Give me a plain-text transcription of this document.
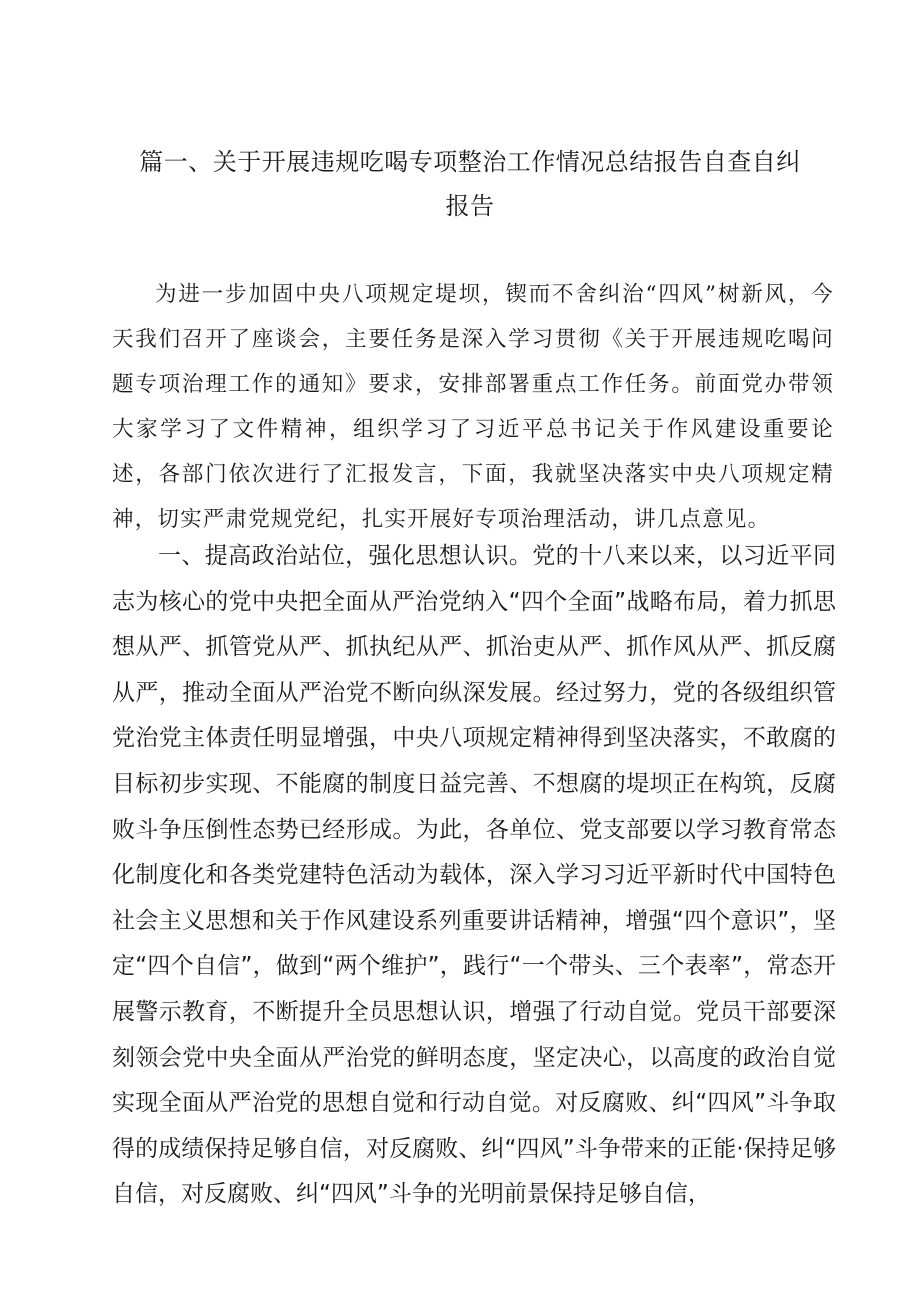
篇一、关于开展违规吃喝专项整治工作情况总结报告自查自纠
报告

为进一步加固中央八项规定堤坝，锲而不舍纠治“四风”树新风，今天我们召开了座谈会，主要任务是深入学习贯彻《关于开展违规吃喝问题专项治理工作的通知》要求，安排部署重点工作任务。前面党办带领大家学习了文件精神，组织学习了习近平总书记关于作风建设重要论述，各部门依次进行了汇报发言，下面，我就坚决落实中央八项规定精神，切实严肃党规党纪，扎实开展好专项治理活动，讲几点意见。

一、提高政治站位，强化思想认识。党的十八来以来，以习近平同志为核心的党中央把全面从严治党纳入“四个全面”战略布局，着力抓思想从严、抓管党从严、抓执纪从严、抓治吏从严、抓作风从严、抓反腐从严，推动全面从严治党不断向纵深发展。经过努力，党的各级组织管党治党主体责任明显增强，中央八项规定精神得到坚决落实，不敢腐的目标初步实现、不能腐的制度日益完善、不想腐的堤坝正在构筑，反腐败斗争压倒性态势已经形成。为此，各单位、党支部要以学习教育常态化制度化和各类党建特色活动为载体，深入学习习近平新时代中国特色社会主义思想和关于作风建设系列重要讲话精神，增强“四个意识”，坚定“四个自信”，做到“两个维护”，践行“一个带头、三个表率”，常态开展警示教育，不断提升全员思想认识，增强了行动自觉。党员干部要深刻领会党中央全面从严治党的鲜明态度，坚定决心，以高度的政治自觉实现全面从严治党的思想自觉和行动自觉。对反腐败、纠“四风”斗争取得的成绩保持足够自信，对反腐败、纠“四风”斗争带来的正能·保持足够自信，对反腐败、纠“四风”斗争的光明前景保持足够自信，
